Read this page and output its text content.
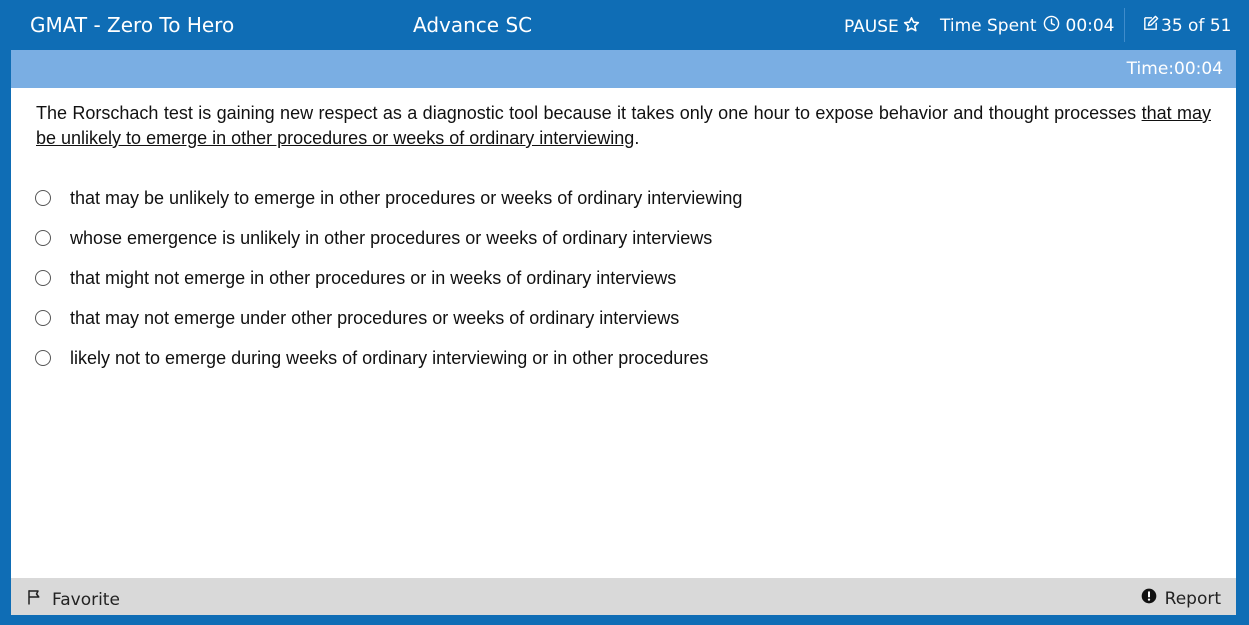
GMAT - Zero To Hero	Advance SC	PAUSE Time Spent 00:04	35 of 51
Time:00:04
The Rorschach test is gaining new respect as a diagnostic tool because it takes only one hour to expose behavior and thought processes that may be unlikely to emerge in other procedures or weeks of ordinary interviewing.
that may be unlikely to emerge in other procedures or weeks of ordinary interviewing
whose emergence is unlikely in other procedures or weeks of ordinary interviews
that might not emerge in other procedures or in weeks of ordinary interviews
that may not emerge under other procedures or weeks of ordinary interviews
likely not to emerge during weeks of ordinary interviewing or in other procedures
Favorite	Report
